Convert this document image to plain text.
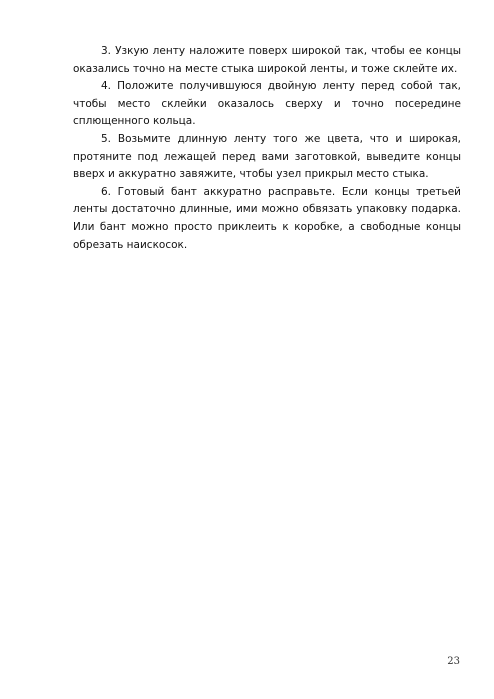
3. Узкую ленту наложите поверх широкой так, чтобы ее концы оказались точно на месте стыка широкой ленты, и тоже склейте их.

4. Положите получившуюся двойную ленту перед собой так, чтобы место склейки оказалось сверху и точно посередине сплющенного кольца.

5. Возьмите длинную ленту того же цвета, что и широкая, протяните под лежащей перед вами заготовкой, выведите концы вверх и аккуратно завяжите, чтобы узел прикрыл место стыка.

6. Готовый бант аккуратно расправьте. Если концы третьей ленты достаточно длинные, ими можно обвязать упаковку подарка. Или бант можно просто приклеить к коробке, а свободные концы обрезать наискосок.

23
